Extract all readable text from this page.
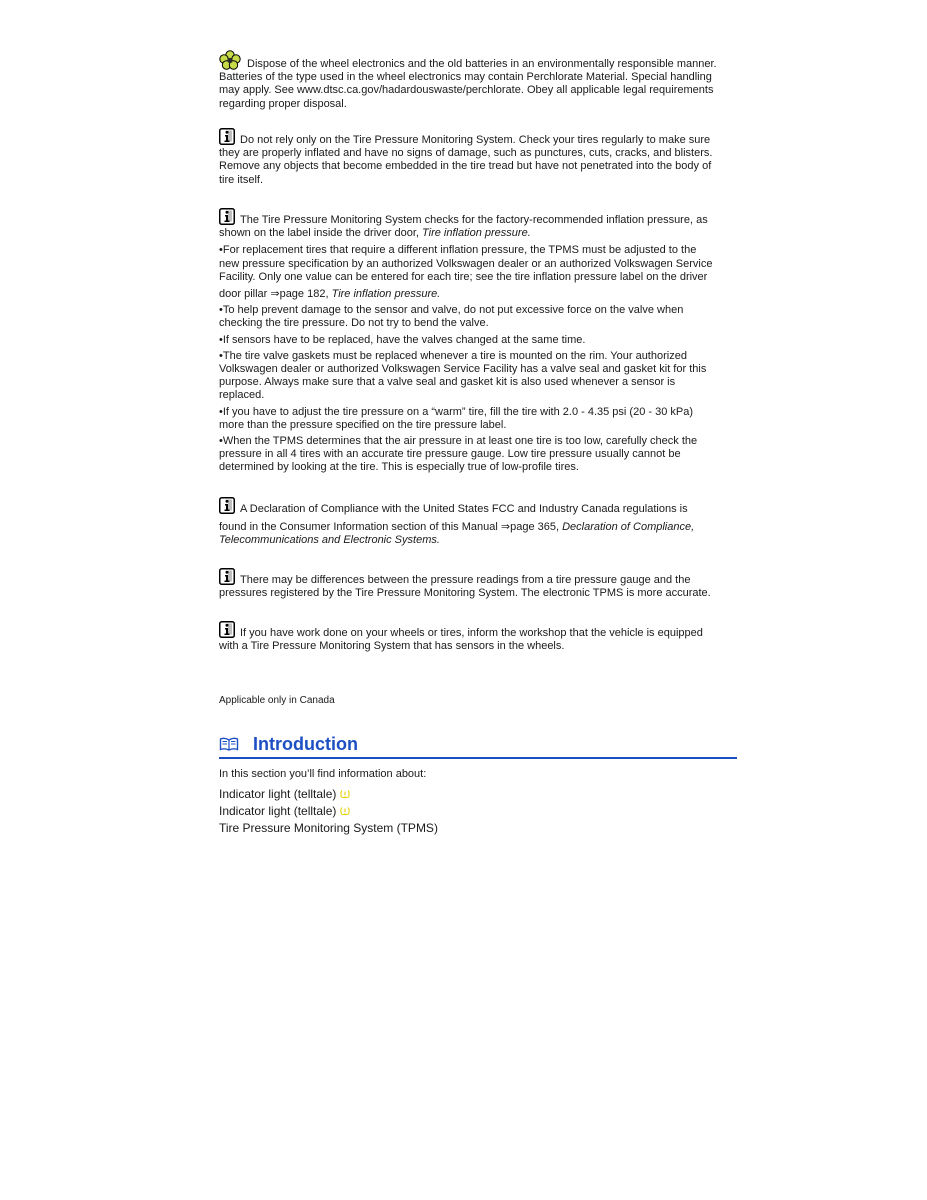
Dispose of the wheel electronics and the old batteries in an environmentally responsible manner.

Batteries of the type used in the wheel electronics may contain Perchlorate Material. Special handling

may apply. See www.dtsc.ca.gov/hadardouswaste/perchlorate. Obey all applicable legal requirements

regarding proper disposal.

Do not rely only on the Tire Pressure Monitoring System. Check your tires regularly to make sure

they are properly inflated and have no signs of damage, such as punctures, cuts, cracks, and blisters.

Remove any objects that become embedded in the tire tread but have not penetrated into the body of

tire itself.

The Tire Pressure Monitoring System checks for the factory-recommended inflation pressure, as

shown on the label inside the driver door, Tire inflation pressure.

•For replacement tires that require a different inflation pressure, the TPMS must be adjusted to the

new pressure specification by an authorized Volkswagen dealer or an authorized Volkswagen Service

Facility. Only one value can be entered for each tire; see the tire inflation pressure label on the driver

door pillar ⇒page 182, Tire inflation pressure.

•To help prevent damage to the sensor and valve, do not put excessive force on the valve when

checking the tire pressure. Do not try to bend the valve.

•If sensors have to be replaced, have the valves changed at the same time.

•The tire valve gaskets must be replaced whenever a tire is mounted on the rim. Your authorized

Volkswagen dealer or authorized Volkswagen Service Facility has a valve seal and gasket kit for this

purpose. Always make sure that a valve seal and gasket kit is also used whenever a sensor is

replaced.

•If you have to adjust the tire pressure on a “warm” tire, fill the tire with 2.0 - 4.35 psi (20 - 30 kPa)

more than the pressure specified on the tire pressure label.

•When the TPMS determines that the air pressure in at least one tire is too low, carefully check the

pressure in all 4 tires with an accurate tire pressure gauge. Low tire pressure usually cannot be

determined by looking at the tire. This is especially true of low-profile tires.

A Declaration of Compliance with the United States FCC and Industry Canada regulations is

found in the Consumer Information section of this Manual ⇒page 365, Declaration of Compliance,

Telecommunications and Electronic Systems.

There may be differences between the pressure readings from a tire pressure gauge and the

pressures registered by the Tire Pressure Monitoring System. The electronic TPMS is more accurate.

If you have work done on your wheels or tires, inform the workshop that the vehicle is equipped

with a Tire Pressure Monitoring System that has sensors in the wheels.

Applicable only in Canada

Introduction

In this section you’ll find information about:

Indicator light (telltale)
Indicator light (telltale)
Tire Pressure Monitoring System (TPMS)
